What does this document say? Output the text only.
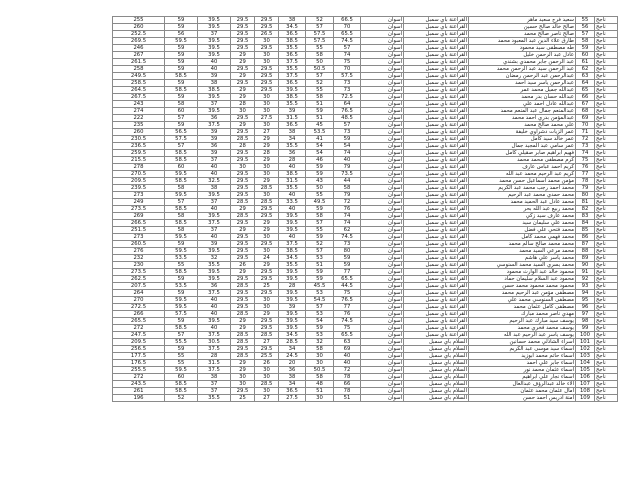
255	59	39.5	29.5	29.5	38	52	66.5	اسوان	القراعنة باي سمبل	سعيد فرج سعيد ماهر	55	ناجح
260	59	39.5	29.5	29.5	34.5	57	70	اسوان	القراعنة باي سمبل	صالح خالد صالح حسين	56	ناجح
252.5	56	37	29.5	26.5	36.5	57.5	65.5	اسوان	القراعنة باي سمبل	صالح ناصر صالح محمد	57	ناجح
269.5	59.5	39.5	29.5	30	38.5	57.5	74.5	اسوان	القراعنة باي سمبل	طارق علاء الدين عبد المعبود محمد	58	ناجح
246	59	39.5	29.5	29.5	35.5	55	57	اسوان	القراعنة باي سمبل	طه مصطفى سيد محمود	59	ناجح
267	59	39.5	29	30	36.5	58	74	اسوان	القراعنة باي سمبل	عادل عبد الرحمن خليل	60	ناجح
261.5	59	40	29	30	37.5	50	75	اسوان	القراعنة باي سمبل	عبد الرحمن جابر محمدي بشندي	61	ناجح
258	59	40	29.5	29.5	35.5	50.5	70	اسوان	القراعنة باي سمبل	عبد الرحمن سيد عبد الرحمن محمد	62	ناجح
249.5	58.5	39	29	29.5	37.5	57	57.5	اسوان	القراعنة باي سمبل	عبدالرحمن عبد الرحمن رمضان	63	ناجح
258.5	59	38	29.5	29.5	36.5	52	73	اسوان	القراعنة باي سمبل	عبدالرحمن ياسر سيد احمد	64	ناجح
264.5	58.5	38.5	29	29.5	39.5	55	73	اسوان	القراعنة باي سمبل	عبدالله جميل محمد عمر	65	ناجح
267.5	59	39.5	29	30	38.5	58	72.5	اسوان	القراعنة باي سمبل	عبدالله حسان بدر محمد	66	ناجح
243	58	37	28	30	35.5	51	64	اسوان	القراعنة باي سمبل	عبدالله عادل احمد علي	67	ناجح
274	60	39.5	30	30	39	59	76.5	اسوان	القراعنة باي سمبل	عبدالمنعم جمال عبد المنعم محمد	68	ناجح
222	57	36	29.5	27.5	31.5	51	48.5	اسوان	القراعنة باي سمبل	عبدالمؤمن بدري احمد محمد	69	ناجح
235	59	37.5	29	30	36.5	45	57	اسوان	القراعنة باي سمبل	علي محمد صالح محمد	70	ناجح
260	56.5	39	29.5	27	38	53.5	73	اسوان	القراعنة باي سمبل	عمر الزيات دشراوي خليفة	71	ناجح
230.5	57.5	39	28.5	29	34	41	59	اسوان	القراعنة باي سمبل	عمر خالد سيد كامل	72	ناجح
236.5	57	36	28	29	35.5	54	54	اسوان	القراعنة باي سمبل	عمر سامي عبد المجيد جمال	73	ناجح
259.5	58.5	39	29.5	28	36	54	74	اسوان	القراعنة باي سمبل	فهيم ابراهيم صابر صقيلي كامل	74	ناجح
215.5	58.5	37	29.5	29	28	46	40	اسوان	القراعنة باي سمبل	كرم مصطفى محمد محمد	75	ناجح
278	60	40	30	30	40	59	79	اسوان	القراعنة باي سمبل	كريم احمد عباس عارف	76	ناجح
270.5	59.5	40	29.5	30	38.5	59	73.5	اسوان	القراعنة باي سمبل	كريم عبد الرحيم محمد عبد الله	77	ناجح
209.5	58.5	32.5	29.5	29	31.5	43	44	اسوان	القراعنة باي سمبل	مؤمن محمد اسماعيل حسن محمد	78	ناجح
239.5	58	38	29.5	28.5	35.5	50	58	اسوان	القراعنة باي سمبل	محمد احمد رجب محمد عبد الكريم	79	ناجح
273	59.5	39.5	29.5	30	40	55	79	اسوان	القراعنة باي سمبل	محمد حمدي محمد عبد الرحيم	80	ناجح
249	57	37	28.5	28.5	33.5	49.5	72	اسوان	القراعنة باي سمبل	محمد عادل عبد الحميد محمد	81	ناجح
273.5	58.5	40	29	29.5	40	59	76	اسوان	القراعنة باي سمبل	محمد ربيع عبد الله بحر	82	ناجح
269	58	39.5	28.5	29.5	39.5	58	74	اسوان	القراعنة باي سمبل	محمد عارف سيد زكي	83	ناجح
266.5	58.5	37.5	29.5	29	39.5	57	74	اسوان	القراعنة باي سمبل	محمد علي سليمان سيد	84	ناجح
251.5	58	37	29	29	39.5	55	62	اسوان	القراعنة باي سمبل	محمد فتحي علي فضل	85	ناجح
273	59.5	40	29.5	30	40	59	74.5	اسوان	القراعنة باي سمبل	محمد فهمي محمد كامل	86	ناجح
260.5	59	39	29.5	29.5	37.5	52	73	اسوان	القراعنة باي سمبل	محمد محمد صالح سالم محمد	87	ناجح
276	59.5	39.5	29.5	30	38.5	57	80	اسوان	القراعنة باي سمبل	محمد مرعي السيد محمد	88	ناجح
232	53.5	32	29.5	24	34.5	53	59	اسوان	القراعنة باي سمبل	محمد ياسر علي هاشم	89	ناجح
230	55	35.5	26	29	35.5	51	59	اسوان	القراعنة باي سمبل	محمد يسري السيد محمد السنوسي	90	ناجح
273.5	58.5	39.5	29	29.5	39.5	59	77	اسوان	القراعنة باي سمبل	محمود خالد عبد الوارث محمود	91	ناجح
262.5	59	39.5	29.5	29.5	39.5	59	65.5	اسوان	القراعنة باي سمبل	محمود عبد السلام سليمان حماد	92	ناجح
207.5	53.5	36	28.5	25	28	45.5	44.5	اسوان	القراعنة باي سمبل	محمود محمد محمود محمد حسن	93	ناجح
264	59	37.5	29.5	29.5	39.5	53	75	اسوان	القراعنة باي سمبل	مصطفى مؤمن عبد الرحيم محمد	94	ناجح
270	59.5	40	29.5	30	39.5	54.5	76.5	اسوان	القراعنة باي سمبل	مصطفى السنوسي محمد علي	95	ناجح
272.5	59.5	40	29.5	30	39	57	77	اسوان	القراعنة باي سمبل	مصطفى كامل عثمان محمد	96	ناجح
266	57.5	40	28.5	29	39.5	53	76	اسوان	القراعنة باي سمبل	مهدي ناصر محمد مبارك	97	ناجح
265.5	59	39.5	29	29.5	39.5	54	74.5	اسوان	القراعنة باي سمبل	يوسف سيد مبارك عبد الرحيم	98	ناجح
272	58.5	40	29	29.5	39.5	59	75	اسوان	القراعنة باي سمبل	يوسف محمد فخري محمد	99	ناجح
247.5	57	37.5	28.5	28.5	34.5	53	65.5	اسوان	القراعنة باي سمبل	يوسف ياسر عبد الرحيم عبد الله	100	ناجح
209.5	55.5	30.5	28.5	27	28.5	32	63	اسوان	السلام باي سمبل	اسراء الشاذلي محمد حسانين	101	ناجح
256.5	59	37.5	29.5	29.5	34	58	69	اسوان	السلام باي سمبل	اسماء سيد موسى عبد الكريم	102	ناجح
177.5	55	28	28.5	25.5	24.5	30	40	اسوان	السلام باي سمبل	اسماء حاتم محمد ابوزيد	103	ناجح
176.5	55	31.5	29	26	20	30	40	اسوان	السلام باي سمبل	اسماء جابر علي احمد	104	ناجح
255.5	59.5	37.5	29	30	36	50.5	72	اسوان	السلام باي سمبل	اسماء عثمان محمد نور	105	ناجح
272	60	38	30	30	38	58	78	اسوان	السلام باي سمبل	اسماء نجار علي ابراهيم	106	ناجح
243.5	58.5	37	30	28.5	34	48	66	اسوان	السلام باي سمبل	الاء خالد عبدالرؤف عبدالعال	107	ناجح
261	58.5	37	29.5	30	36.5	51	78	اسوان	السلام باي سمبل	امال عثمان محمد عثمان	108	ناجح
196	52	35.5	25	27	27.5	30	51	اسوان	السلام باي سمبل	امنة ادريس احمد حسن	109	ناجح
